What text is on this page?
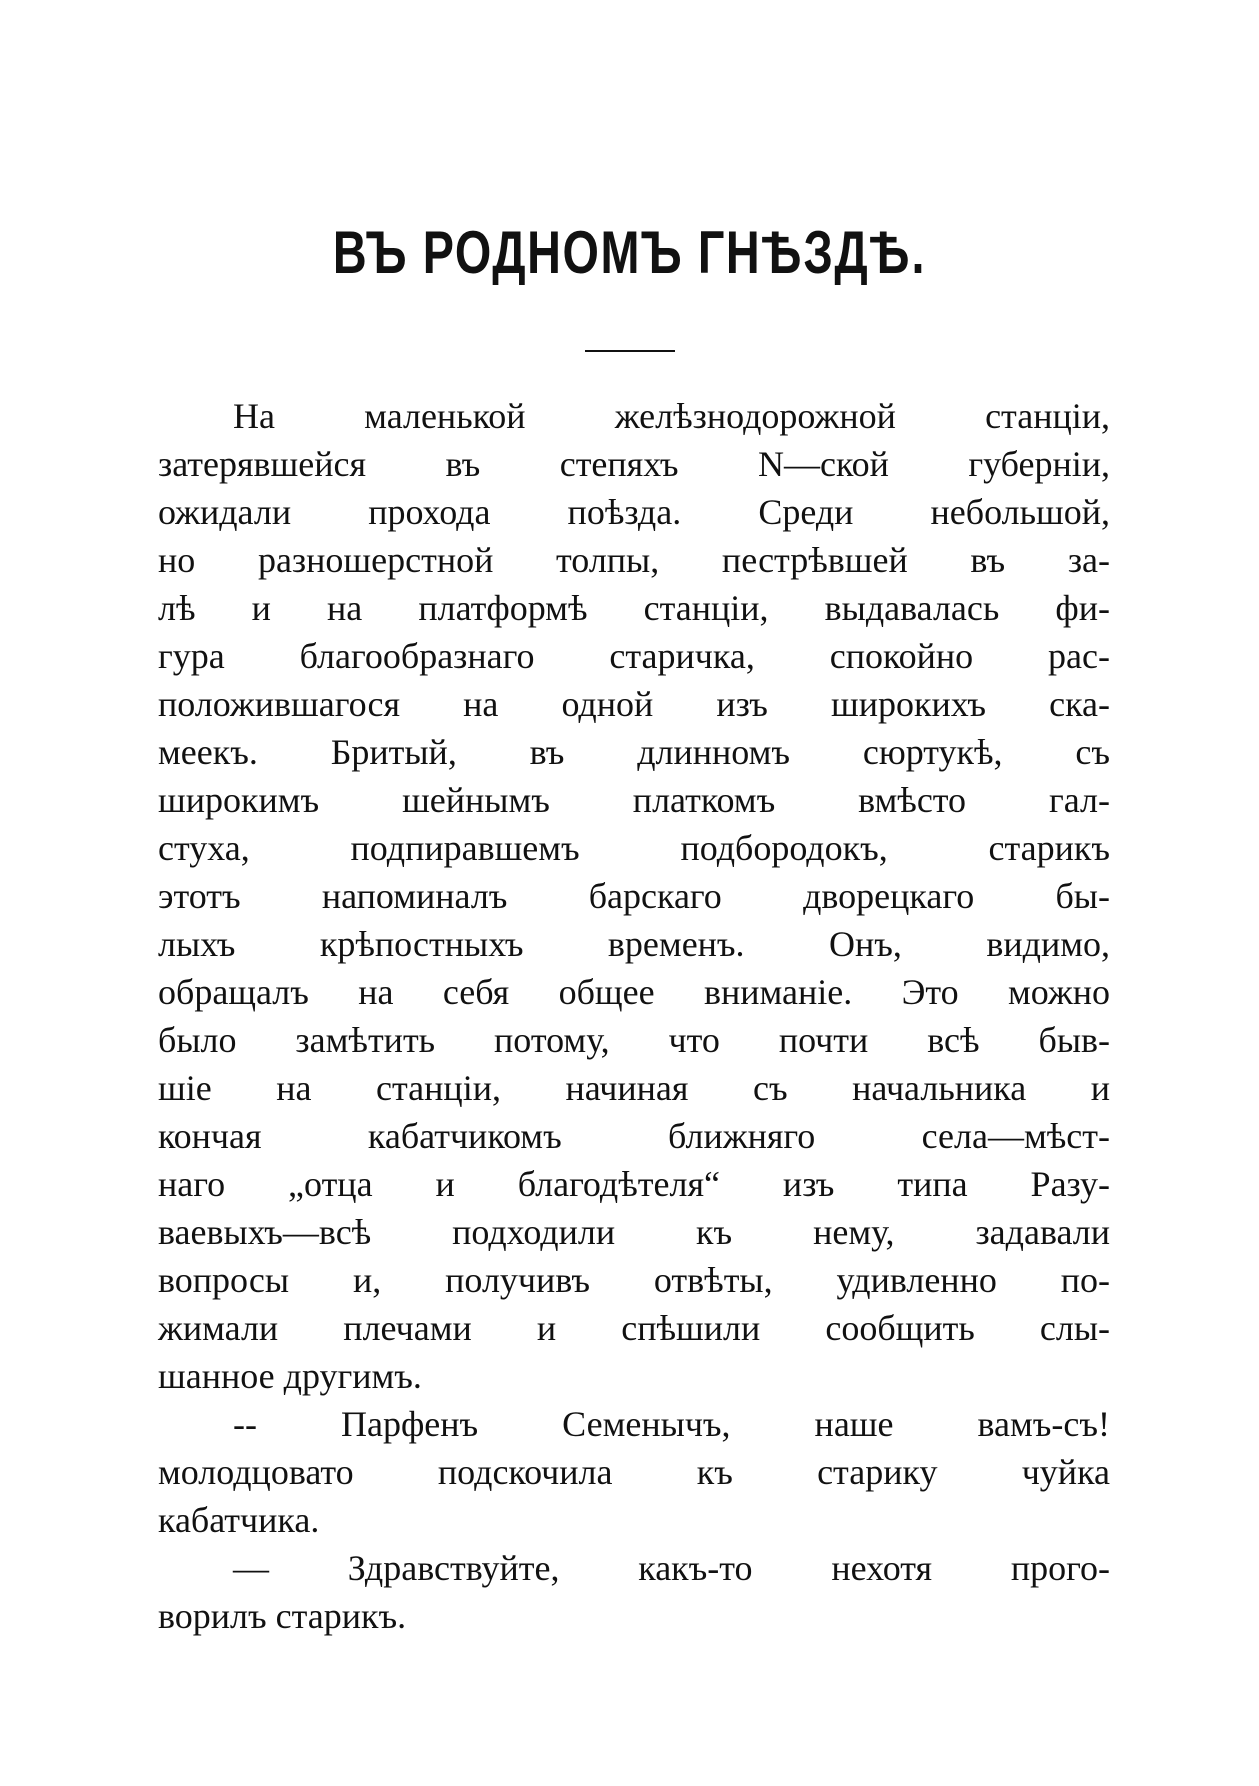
ВЪ РОДНОМЪ ГНѢЗДѢ.
На маленькой желѣзнодорожной станціи,
затерявшейся въ степяхъ N—ской губерніи,
ожидали прохода поѣзда. Среди небольшой,
но разношерстной толпы, пестрѣвшей въ за-
лѣ и на платформѣ станціи, выдавалась фи-
гура благообразнаго старичка, спокойно рас-
положившагося на одной изъ широкихъ ска-
меекъ. Бритый, въ длинномъ сюртукѣ, съ
широкимъ шейнымъ платкомъ вмѣсто гал-
стуха, подпиравшемъ подбородокъ, старикъ
этотъ напоминалъ барскаго дворецкаго бы-
лыхъ крѣпостныхъ временъ. Онъ, видимо,
обращалъ на себя общее вниманіе. Это можно
было замѣтить потому, что почти всѣ быв-
шіе на станціи, начиная съ начальника и
кончая кабатчикомъ ближняго села—мѣст-
наго „отца и благодѣтеля“ изъ типа Разу-
ваевыхъ—всѣ подходили къ нему, задавали
вопросы и, получивъ отвѣты, удивленно по-
жимали плечами и спѣшили сообщить слы-
шанное другимъ.
-- Парфенъ Семенычъ, наше вамъ-съ!
молодцовато подскочила къ старику чуйка
кабатчика.
— Здравствуйте, какъ-то нехотя прого-
ворилъ старикъ.
